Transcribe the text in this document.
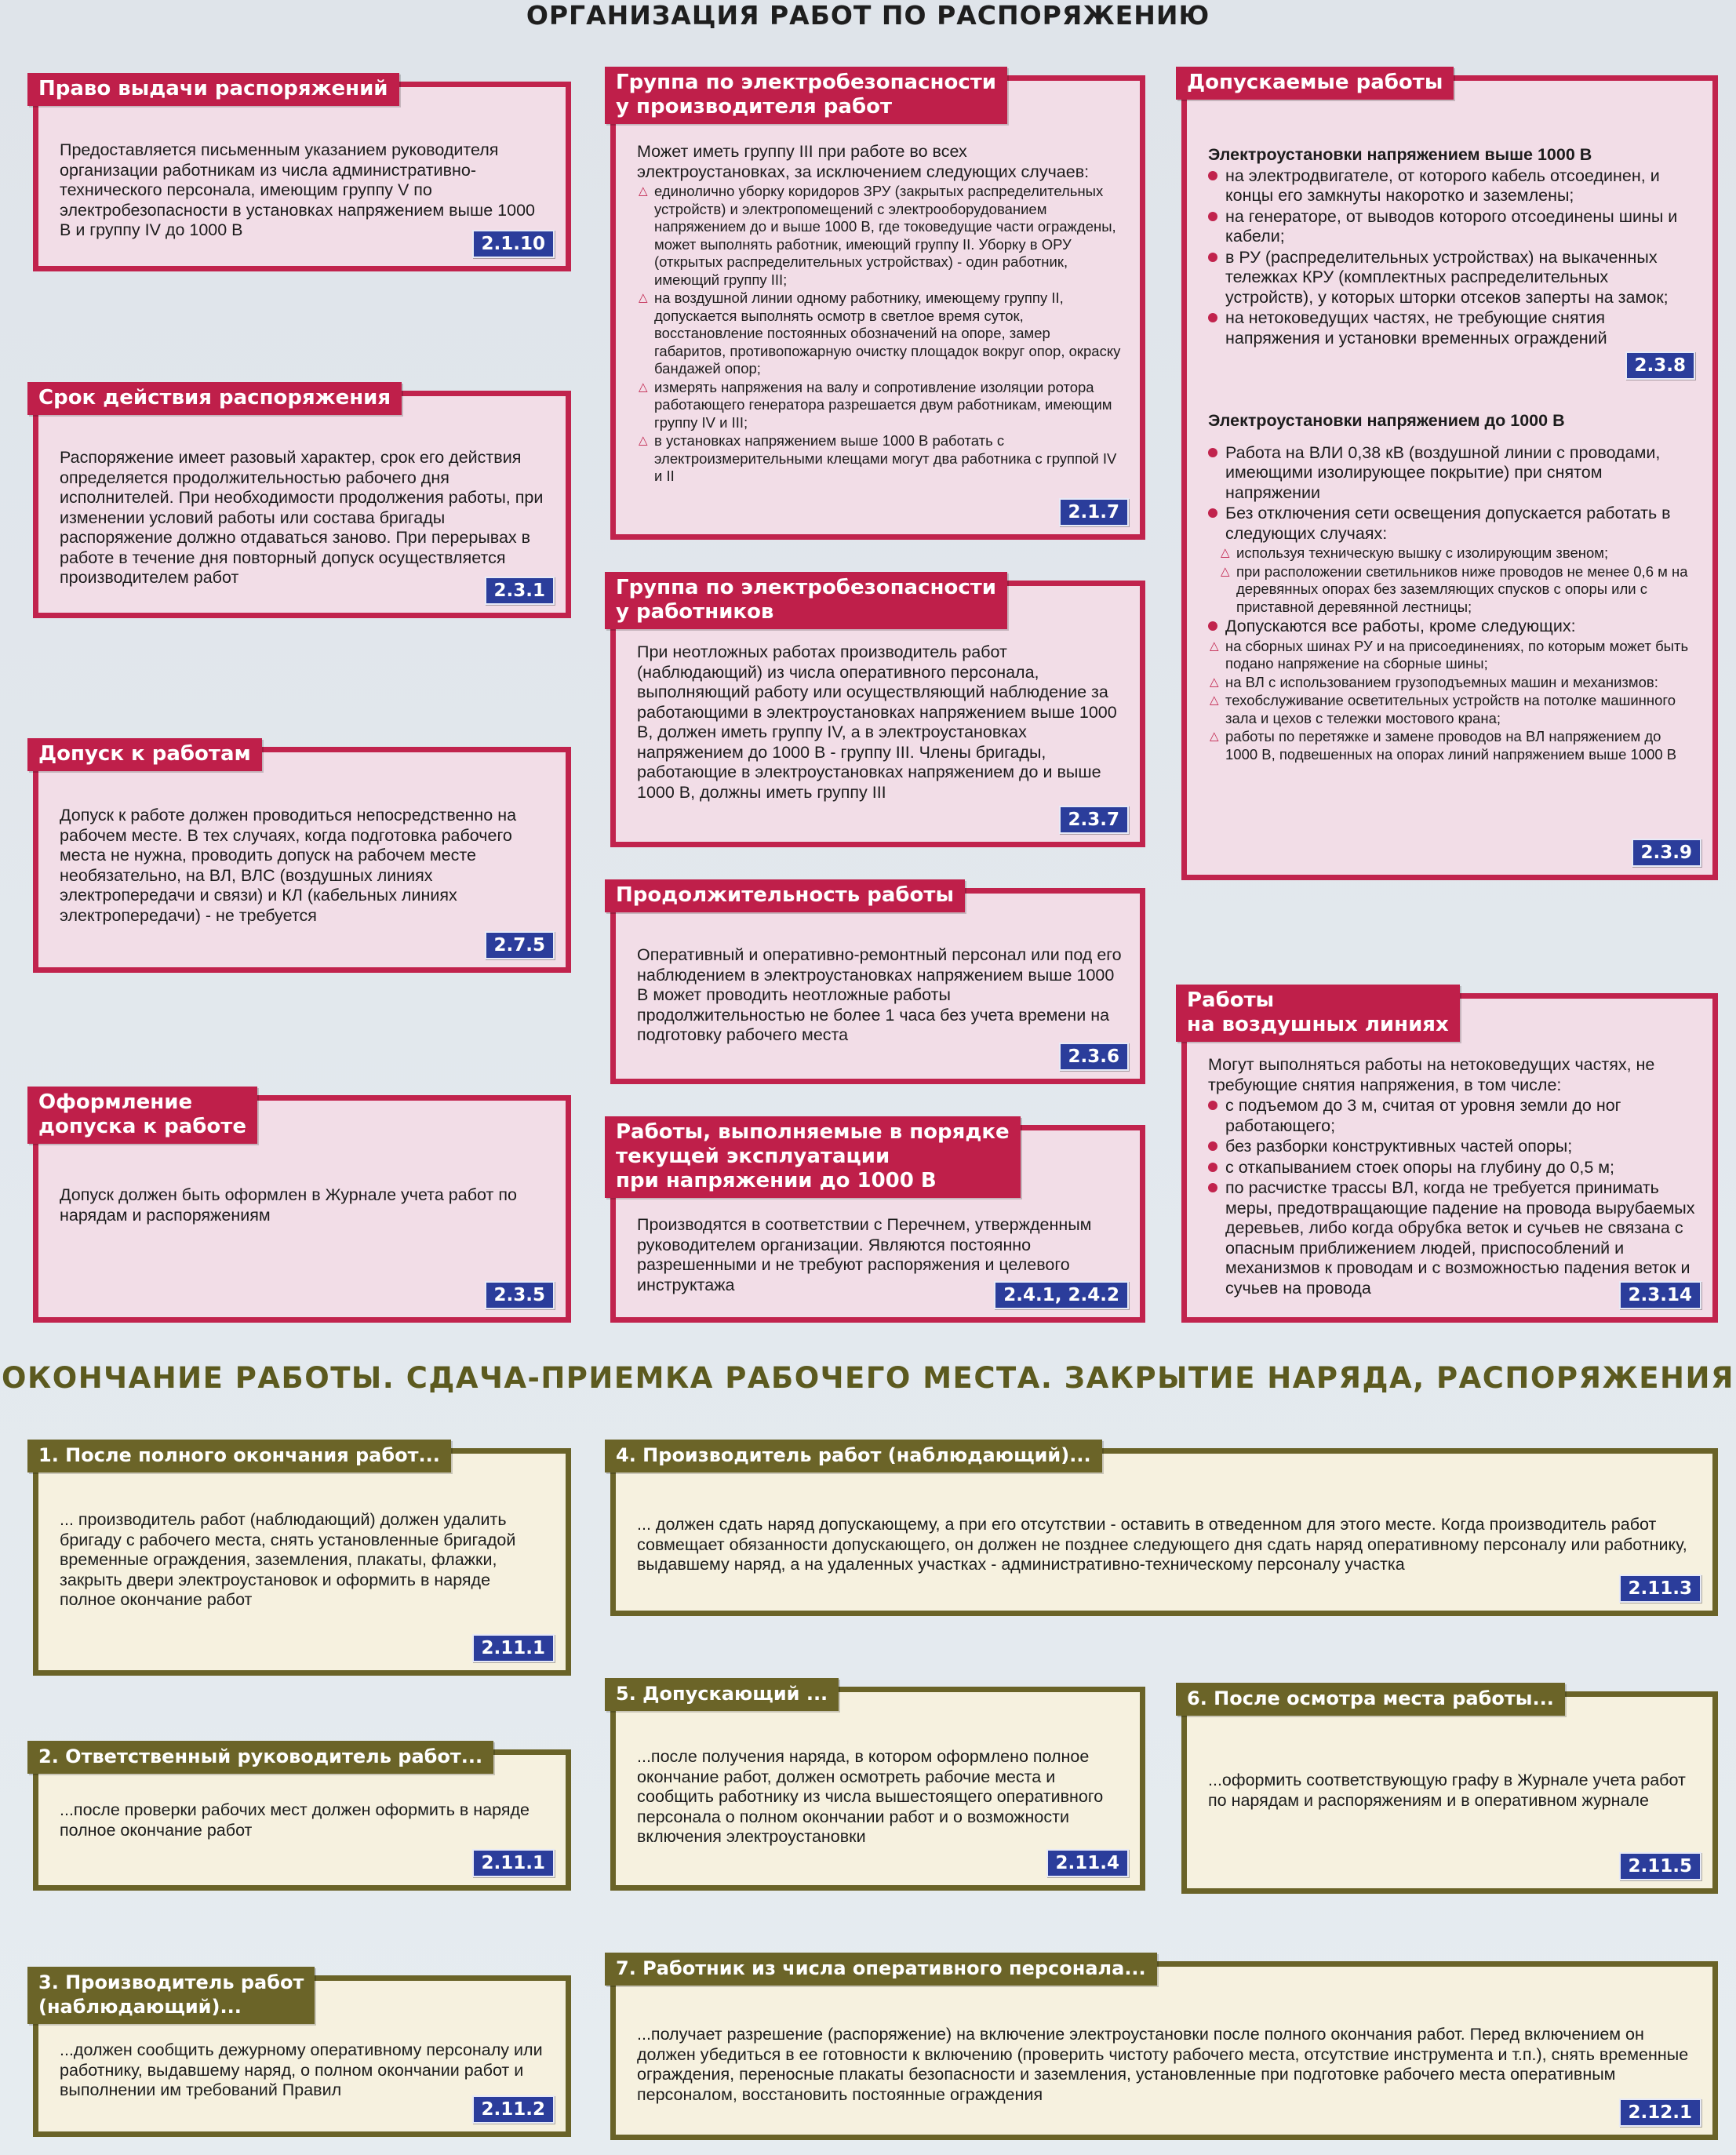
ОРГАНИЗАЦИЯ РАБОТ ПО РАСПОРЯЖЕНИЮ
Право выдачи распоряжений
Предоставляется письменным указанием руководителя организации работникам из числа административно-технического персонала, имеющим группу V по электробезопасности в установках напряжением выше 1000 В и группу IV до 1000 В
2.1.10
Срок действия распоряжения
Распоряжение имеет разовый характер, срок его действия определяется продолжительностью рабочего дня исполнителей. При необходимости продолжения работы, при изменении условий работы или состава бригады распоряжение должно отдаваться заново. При перерывах в работе в течение дня повторный допуск осуществляется производителем работ
2.3.1
Допуск к работам
Допуск к работе должен проводиться непосредственно на рабочем месте. В тех случаях, когда подготовка рабочего места не нужна, проводить допуск на рабочем месте необязательно, на ВЛ, ВЛС (воздушных линиях электропередачи и связи) и КЛ (кабельных линиях электропередачи) - не требуется
2.7.5
Оформление
допуска к работе
Допуск должен быть оформлен в Журнале учета работ по нарядам и распоряжениям
2.3.5
Группа по электробезопасности
у производителя работ

Может иметь группу III при работе во всех электроустановках, за исключением следующих случаев:

△ единолично уборку коридоров ЗРУ (закрытых распределительных устройств) и электропомещений с электрооборудованием напряжением до и выше 1000 В, где токоведущие части ограждены, может выполнять работник, имеющий группу II. Уборку в ОРУ (открытых распределительных устройствах) - один работник, имеющий группу III;
△ на воздушной линии одному работнику, имеющему группу II, допускается выполнять осмотр в светлое время суток, восстановление постоянных обозначений на опоре, замер габаритов, противопожарную очистку площадок вокруг опор, окраску бандажей опор;
△ измерять напряжения на валу и сопротивление изоляции ротора работающего генератора разрешается двум работникам, имеющим группу IV и III;
△ в установках напряжением выше 1000 В работать с электроизмерительными клещами могут два работника с группой IV и II
2.1.7
Группа по электробезопасности
у работников
При неотложных работах производитель работ (наблюдающий) из числа оперативного персонала, выполняющий работу или осуществляющий наблюдение за работающими в электроустановках напряжением выше 1000 В, должен иметь группу IV, а в электроустановках напряжением до 1000 В - группу III. Члены бригады, работающие в электроустановках напряжением до и выше 1000 В, должны иметь группу III
2.3.7
Продолжительность работы
Оперативный и оперативно-ремонтный персонал или под его наблюдением в электроустановках напряжением выше 1000 В может проводить неотложные работы продолжительностью не более 1 часа без учета времени на подготовку рабочего места
2.3.6
Работы, выполняемые в порядке
текущей эксплуатации
при напряжении до 1000 В
Производятся в соответствии с Перечнем, утвержденным руководителем организации. Являются постоянно разрешенными и не требуют распоряжения и целевого инструктажа
2.4.1, 2.4.2
Допускаемые работы

Электроустановки напряжением выше 1000 В

на электродвигателе, от которого кабель отсоединен, и концы его замкнуты накоротко и заземлены;
на генераторе, от выводов которого отсоединены шины и кабели;
в РУ (распределительных устройствах) на выкаченных тележках КРУ (комплектных распределительных устройств), у которых шторки отсеков заперты на замок;
на нетоковедущих частях, не требующие снятия напряжения и установки временных ограждений
2.3.8

Электроустановки напряжением до 1000 В

Работа на ВЛИ 0,38 кВ (воздушной линии с проводами, имеющими изолирующее покрытие) при снятом напряжении
Без отключения сети освещения допускается работать в следующих случаях:
△ используя техническую вышку с изолирующим звеном;
△ при расположении светильников ниже проводов не менее 0,6 м на деревянных опорах без заземляющих спусков с опоры или с приставной деревянной лестницы;
Допускаются все работы, кроме следующих:
△ на сборных шинах РУ и на присоединениях, по которым может быть подано напряжение на сборные шины;
△ на ВЛ с использованием грузоподъемных машин и механизмов:
△ техобслуживание осветительных устройств на потолке машинного зала и цехов с тележки мостового крана;
△ работы по перетяжке и замене проводов на ВЛ напряжением до 1000 В, подвешенных на опорах линий напряжением выше 1000 В
2.3.9
Работы
на воздушных линиях

Могут выполняться работы на нетоковедущих частях, не требующие снятия напряжения, в том числе:

с подъемом до 3 м, считая от уровня земли до ног работающего;
без разборки конструктивных частей опоры;
с откапыванием стоек опоры на глубину до 0,5 м;
по расчистке трассы ВЛ, когда не требуется принимать меры, предотвращающие падение на провода вырубаемых деревьев, либо когда обрубка веток и сучьев не связана с опасным приближением людей, приспособлений и механизмов к проводам и с возможностью падения веток и сучьев на провода	2.3.14
ОКОНЧАНИЕ РАБОТЫ. СДАЧА-ПРИЕМКА РАБОЧЕГО МЕСТА. ЗАКРЫТИЕ НАРЯДА, РАСПОРЯЖЕНИЯ
1. После полного окончания работ...
... производитель работ (наблюдающий) должен удалить бригаду с рабочего места, снять установленные бригадой временные ограждения, заземления, плакаты, флажки, закрыть двери электроустановок и оформить в наряде полное окончание работ
2.11.1
2. Ответственный руководитель работ...
...после проверки рабочих мест должен оформить в наряде полное окончание работ
2.11.1
3. Производитель работ
(наблюдающий)...
...должен сообщить дежурному оперативному персоналу или работнику, выдавшему наряд, о полном окончании работ и выполнении им требований Правил
2.11.2
4. Производитель работ (наблюдающий)...
... должен сдать наряд допускающему, а при его отсутствии - оставить в отведенном для этого месте. Когда производитель работ совмещает обязанности допускающего, он должен не позднее следующего дня сдать наряд оперативному персоналу или работнику, выдавшему наряд, а на удаленных участках - административно-техническому персоналу участка
2.11.3
5. Допускающий ...
...после получения наряда, в котором оформлено полное окончание работ, должен осмотреть рабочие места и сообщить работнику из числа вышестоящего оперативного персонала о полном окончании работ и о возможности включения электроустановки
2.11.4
6. После осмотра места работы...
...оформить соответствующую графу в Журнале учета работ по нарядам и распоряжениям и в оперативном журнале
2.11.5
7. Работник из числа оперативного персонала...
...получает разрешение (распоряжение) на включение электроустановки после полного окончания работ. Перед включением он должен убедиться в ее готовности к включению (проверить чистоту рабочего места, отсутствие инструмента и т.п.), снять временные ограждения, переносные плакаты безопасности и заземления, установленные при подготовке рабочего места оперативным персоналом, восстановить постоянные ограждения
2.12.1
